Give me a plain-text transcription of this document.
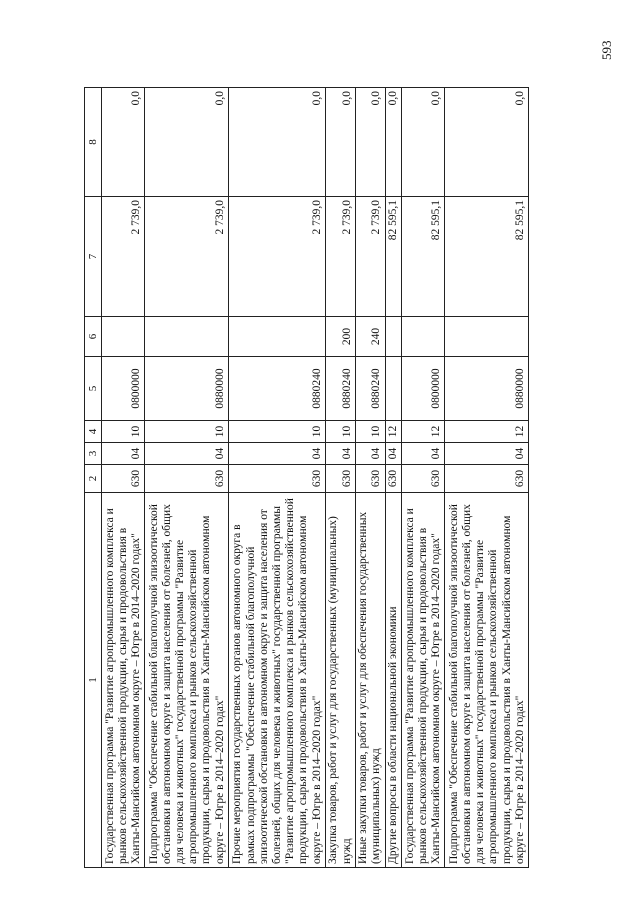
593
1	2	3	4	5	6	7	8
Государственная программа "Развитие агропромышленного комплекса и рынков сельскохозяйственной продукции, сырья и продовольствия в Ханты-Мансийском автономном округе – Югре в 2014–2020 годах"	630	04	10	0800000		2 739,0	0,0
Подпрограмма "Обеспечение стабильной благополучной эпизоотической обстановки в автономном округе и защита населения от болезней, общих для человека и животных" государственной программы "Развитие агропромышленного комплекса и рынков сельскохозяйственной продукции, сырья и продовольствия в Ханты-Мансийском автономном округе – Югре в 2014–2020 годах"	630	04	10	0880000		2 739,0	0,0
Прочие мероприятия государственных органов автономного округа в рамках подпрограммы "Обеспечение стабильной благополучной эпизоотической обстановки в автономном округе и защита населения от болезней, общих для человека и животных" государственной программы "Развитие агропромышленного комплекса и рынков сельскохозяйственной продукции, сырья и продовольствия в Ханты-Мансийском автономном округе – Югре в 2014–2020 годах"	630	04	10	0880240		2 739,0	0,0
Закупка товаров, работ и услуг для государственных (муниципальных) нужд	630	04	10	0880240	200	2 739,0	0,0
Иные закупки товаров, работ и услуг для обеспечения государственных (муниципальных) нужд	630	04	10	0880240	240	2 739,0	0,0
Другие вопросы в области национальной экономики	630	04	12			82 595,1	0,0
Государственная программа "Развитие агропромышленного комплекса и рынков сельскохозяйственной продукции, сырья и продовольствия в Ханты-Мансийском автономном округе – Югре в 2014–2020 годах"	630	04	12	0800000		82 595,1	0,0
Подпрограмма "Обеспечение стабильной благополучной эпизоотической обстановки в автономном округе и защита населения от болезней, общих для человека и животных" государственной программы "Развитие агропромышленного комплекса и рынков сельскохозяйственной продукции, сырья и продовольствия в Ханты-Мансийском автономном округе – Югре в 2014–2020 годах"	630	04	12	0880000		82 595,1	0,0
